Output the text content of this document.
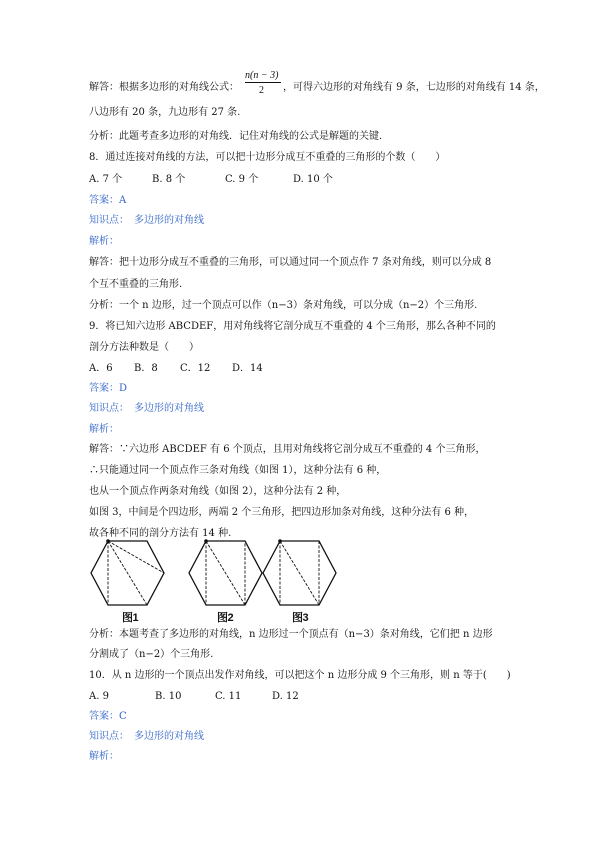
解答：根据多边形的对角线公式：
n(n − 3)
2 ，可得六边形的对角线有 9 条，七边形的对角线有 14 条，
八边形有 20 条，九边形有 27 条.
分析：此题考查多边形的对角线．记住对角线的公式是解题的关键.
8．通过连接对角线的方法，可以把十边形分成互不重叠的三角形的个数（　　）
A. 7 个	B. 8 个	C. 9 个	D. 10 个
答案：A
知识点：　多边形的对角线
解析：
解答：把十边形分成互不重叠的三角形，可以通过同一个顶点作 7 条对角线，则可以分成 8
个互不重叠的三角形.
分析：一个 n 边形，过一个顶点可以作（n−3）条对角线，可以分成（n−2）个三角形.
9．将已知六边形 ABCDEF，用对角线将它剖分成互不重叠的 4 个三角形，那么各种不同的
剖分方法种数是（　　）
A．6 B．8 C．12 D．14
答案：D
知识点：　多边形的对角线
解析：
解答：∵六边形 ABCDEF 有 6 个顶点，且用对角线将它剖分成互不重叠的 4 个三角形，
∴只能通过同一个顶点作三条对角线（如图 1），这种分法有 6 种，
也从一个顶点作两条对角线（如图 2），这种分法有 2 种，
如图 3，中间是个四边形，两端 2 个三角形，把四边形加条对角线，这种分法有 6 种，
故各种不同的剖分方法有 14 种.
图1	图2	图3
分析：本题考查了多边形的对角线，n 边形过一个顶点有（n−3）条对角线，它们把 n 边形
分割成了（n−2）个三角形.
10．从 n 边形的一个顶点出发作对角线，可以把这个 n 边形分成 9 个三角形，则 n 等于(　　)
A. 9	B. 10	C. 11	D. 12
答案：C
知识点：　多边形的对角线
解析：
